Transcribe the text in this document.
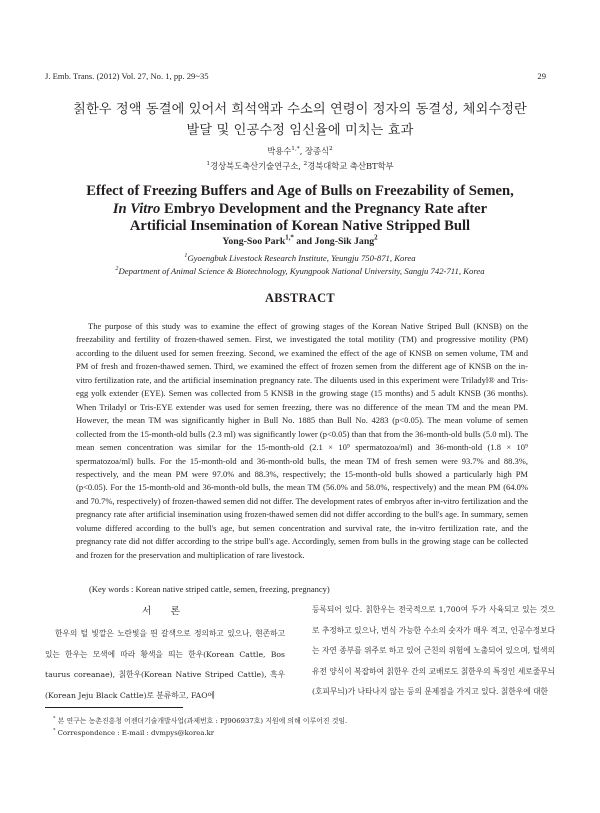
J. Emb. Trans. (2012) Vol. 27, No. 1, pp. 29~35	29
칡한우 정액 동결에 있어서 희석액과 수소의 연령이 정자의 동결성, 체외수정란
발달 및 인공수정 임신율에 미치는 효과
박용수$^{1,*}$, 장종식$^2$
$^1$경상북도축산기술연구소, $^2$경북대학교 축산BT학부
Effect of Freezing Buffers and Age of Bulls on Freezability of Semen,
In Vitro Embryo Development and the Pregnancy Rate after
Artificial Insemination of Korean Native Stripped Bull
Yong-Soo Park$^{1,*}$ and Jong-Sik Jang$^2$
$^1$Gyoengbuk Livestock Research Institute, Yeungju 750-871, Korea
$^2$Department of Animal Science & Biotechnology, Kyungpook National University, Sangju 742-711, Korea
ABSTRACT
The purpose of this study was to examine the effect of growing stages of the Korean Native Striped Bull (KNSB) on the freezability and fertility of frozen-thawed semen. First, we investigated the total motility (TM) and progressive motility (PM) according to the diluent used for semen freezing. Second, we examined the effect of the age of KNSB on semen volume, TM and PM of fresh and frozen-thawed semen. Third, we examined the effect of frozen semen from the different age of KNSB on the in-vitro fertilization rate, and the artificial insemination pregnancy rate. The diluents used in this experiment were Triladyl® and Tris-egg yolk extender (EYE). Semen was collected from 5 KNSB in the growing stage (15 months) and 5 adult KNSB (36 months). When Triladyl or Tris-EYE extender was used for semen freezing, there was no difference of the mean TM and the mean PM. However, the mean TM was significantly higher in Bull No. 1885 than Bull No. 4283 (p<0.05). The mean volume of semen collected from the 15-month-old bulls (2.3 ml) was significantly lower (p<0.05) than that from the 36-month-old bulls (5.0 ml). The mean semen concentration was similar for the 15-month-old (2.1 × 10⁹ spermatozoa/ml) and 36-month-old (1.8 × 10⁹ spermatozoa/ml) bulls. For the 15-month-old and 36-month-old bulls, the mean TM of fresh semen were 93.7% and 88.3%, respectively, and the mean PM were 97.0% and 88.3%, respectively; the 15-month-old bulls showed a particularly high PM (p<0.05). For the 15-month-old and 36-month-old bulls, the mean TM (56.0% and 58.0%, respectively) and the mean PM (64.0% and 70.7%, respectively) of frozen-thawed semen did not differ. The development rates of embryos after in-vitro fertilization and the pregnancy rate after artificial insemination using frozen-thawed semen did not differ according to the bull's age. In summary, semen volume differed according to the bull's age, but semen concentration and survival rate, the in-vitro fertilization rate, and the pregnancy rate did not differ according to the stripe bull's age. Accordingly, semen from bulls in the growing stage can be collected and frozen for the preservation and multiplication of rare livestock.
(Key words : Korean native striped cattle, semen, freezing, pregnancy)
서 론
한우의 털 빛깔은 노란빛을 띈 갈색으로 정의하고 있으나, 현존하고 있는 한우는 모색에 따라 황색을 띄는 한우(Korean Cattle, Bos taurus coreanae), 칡한우(Korean Native Striped Cattle), 흑우(Korean Jeju Black Cattle)로 분류하고, FAO에
등록되어 있다. 칡한우는 전국적으로 1,700여 두가 사육되고 있는 것으로 추정하고 있으나, 번식 가능한 수소의 숫자가 매우 적고, 인공수정보다는 자연 종부를 위주로 하고 있어 근친의 위험에 노출되어 있으며, 털색의 유전 양식이 복잡하여 칡한우 간의 교배로도 칡한우의 특징인 세로줄무늬(호피무늬)가 나타나지 않는 등의 문제점을 가지고 있다. 칡한우에 대한
* 본 연구는 농촌진흥청 어젠더기술개발사업(과제번호 : PJ906937호) 지원에 의해 이루어진 것임.
* Correspondence : E-mail : dvmpys@korea.kr
